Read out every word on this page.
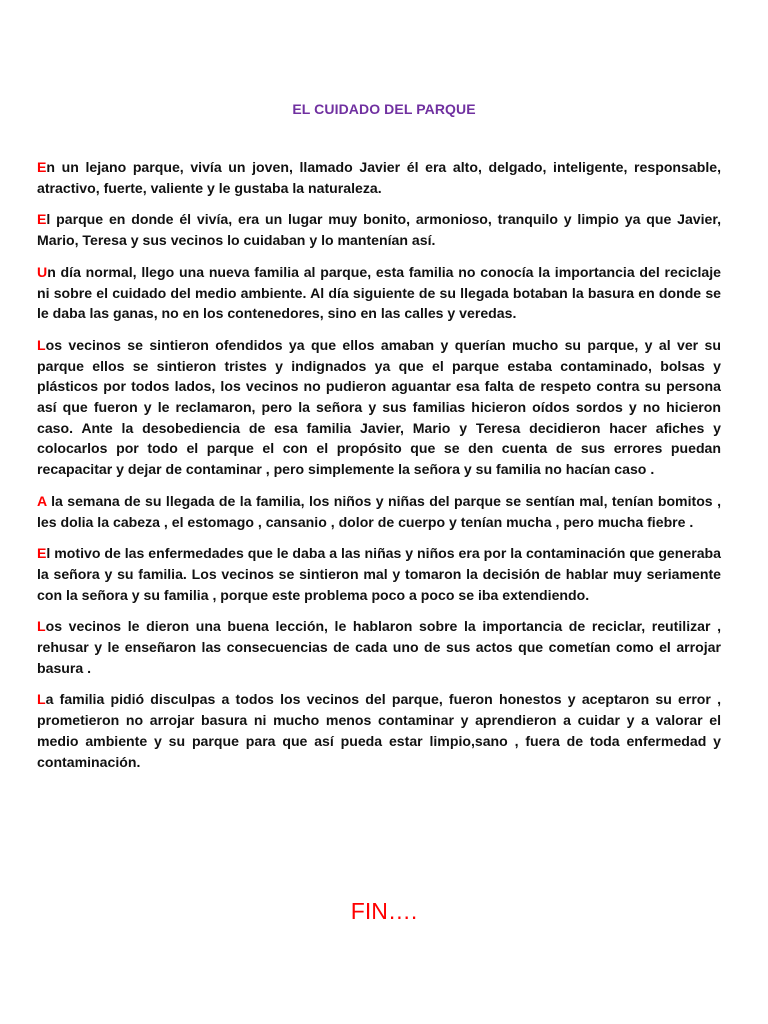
EL CUIDADO DEL PARQUE

En un lejano parque, vivía un joven, llamado Javier él era alto, delgado, inteligente, responsable, atractivo, fuerte, valiente y le gustaba la naturaleza.

El parque en donde él vivía, era un lugar muy bonito, armonioso, tranquilo y limpio ya que Javier, Mario, Teresa y sus vecinos lo cuidaban y lo mantenían así.

Un día normal, llego una nueva familia al parque, esta familia no conocía la importancia del reciclaje ni sobre el cuidado del medio ambiente. Al día siguiente de su llegada botaban la basura en donde se le daba las ganas, no en los contenedores, sino en las calles y veredas.

Los vecinos se sintieron ofendidos ya que ellos amaban y querían mucho su parque, y al ver su parque ellos se sintieron tristes y indignados ya que el parque estaba contaminado, bolsas y plásticos por todos lados, los vecinos no pudieron aguantar esa falta de respeto contra su persona así que fueron y le reclamaron, pero la señora y sus familias hicieron oídos sordos y no hicieron caso. Ante la desobediencia de esa familia Javier, Mario y Teresa decidieron hacer afiches y colocarlos por todo el parque el con el propósito que se den cuenta de sus errores puedan recapacitar y dejar de contaminar , pero simplemente la señora y su familia no hacían caso .

A la semana de su llegada de la familia, los niños y niñas del parque se sentían mal, tenían bomitos , les dolia la cabeza , el estomago , cansanio , dolor de cuerpo y tenían mucha , pero mucha fiebre .

El motivo de las enfermedades que le daba a las niñas y niños era por la contaminación que generaba la señora y su familia. Los vecinos se sintieron mal y tomaron la decisión de hablar muy seriamente con la señora y su familia , porque este problema poco a poco se iba extendiendo.

Los vecinos le dieron una buena lección, le hablaron sobre la importancia de reciclar, reutilizar , rehusar y le enseñaron las consecuencias de cada uno de sus actos que cometían como el arrojar basura .

La familia pidió disculpas a todos los vecinos del parque, fueron honestos y aceptaron su error , prometieron no arrojar basura ni mucho menos contaminar y aprendieron a cuidar y a valorar el medio ambiente y su parque para que así pueda estar limpio,sano , fuera de toda enfermedad y contaminación.

FIN….
